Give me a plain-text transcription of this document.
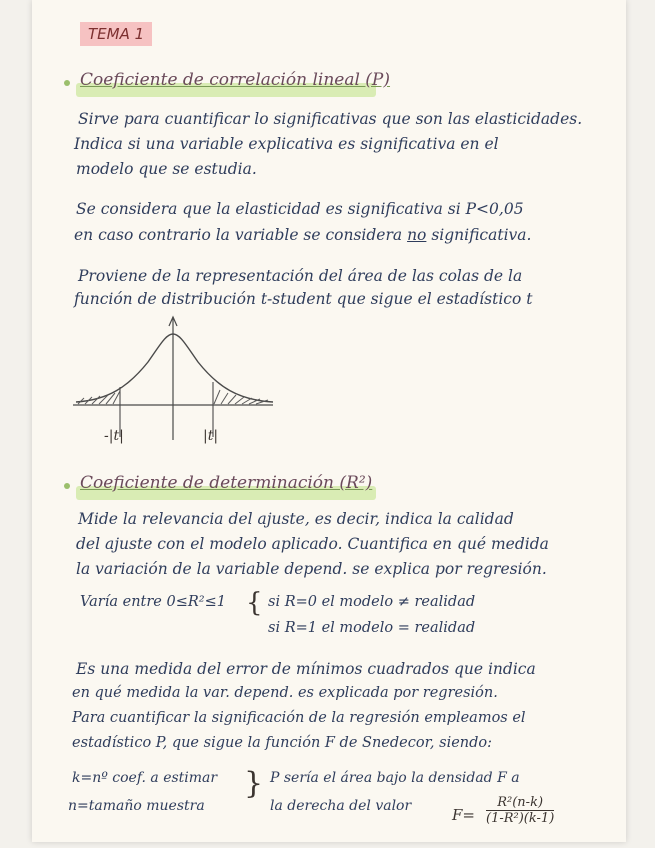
TEMA 1
Coeficiente de correlación lineal (P)
Sirve para cuantificar lo significativas que son las elasticidades.
Indica si una variable explicativa es significativa en el
modelo que se estudia.
Se considera que la elasticidad es significativa si P<0,05
en caso contrario la variable se considera no significativa.
Proviene de la representación del área de las colas de la
función de distribución t-student que sigue el estadístico t
-|t|	|t|
Coeficiente de determinación (R²)
Mide la relevancia del ajuste, es decir, indica la calidad
del ajuste con el modelo aplicado. Cuantifica en qué medida
la variación de la variable depend. se explica por regresión.
Varía entre 0≤R²≤1 { si R=0 el modelo ≠ realidad
si R=1 el modelo = realidad
Es una medida del error de mínimos cuadrados que indica
en qué medida la var. depend. es explicada por regresión.
Para cuantificar la significación de la regresión empleamos el
estadístico P, que sigue la función F de Snedecor, siendo:
k=nº coef. a estimar
n=tamaño muestra
} P sería el área bajo la densidad F a
la derecha del valor	$F= \frac{\text{R²(n-k)}}{\text{(1-R²)(k-1)}}$
